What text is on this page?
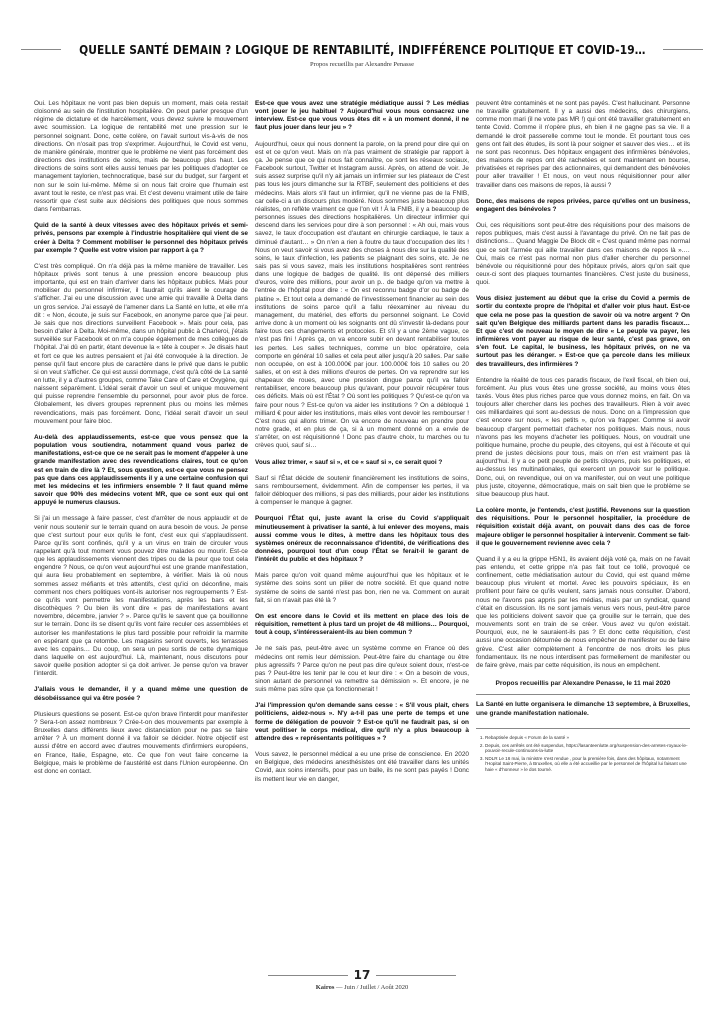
QUELLE SANTÉ DEMAIN ? LOGIQUE DE RENTABILITÉ, INDIFFÉRENCE POLITIQUE ET COVID-19…
Propos recueillis par Alexandre Penasse

Oui. Les hôpitaux ne vont pas bien depuis un moment, mais cela restait cloisonné au sein de l'institution hospitalière. On peut parler presque d'un régime de dictature et de harcèlement, vous devez suivre le mouvement avec soumission. La logique de rentabilité met une pression sur le personnel soignant. Donc, cette colère, on l'avait surtout vis-à-vis de nos directions. On n'osait pas trop s'exprimer. Aujourd'hui, le Covid est venu, de manière générale, montrer que le problème ne vient pas forcément des directions des institutions de soins, mais de beaucoup plus haut. Les directions de soins sont elles aussi tenues par les politiques d'adopter ce management taylorien, technocratique, basé sur du budget, sur l'argent et non sur le soin lui-même. Même si on nous fait croire que l'humain est avant tout le reste, ce n'est pas vrai. Et c'est devenu vraiment utile de faire ressortir que c'est suite aux décisions des politiques que nous sommes dans l'embarras.

Quid de la santé à deux vitesses avec des hôpitaux privés et semi-privés, pensons par exemple à l'industrie hospitalière qui vient de se créer à Delta ? Comment mobiliser le personnel des hôpitaux privés par exemple ? Quelle est votre vision par rapport à ça ?

C'est très compliqué. On n'a déjà pas la même manière de travailler. Les hôpitaux privés sont tenus à une pression encore beaucoup plus importante, qui est en train d'arriver dans les hôpitaux publics. Mais pour mobiliser du personnel infirmier, il faudrait qu'ils aient le courage de s'afficher. J'ai eu une discussion avec une amie qui travaille à Delta dans un gros service. J'ai essayé de l'amener dans La Santé en lutte, et elle m'a dit : « Non, écoute, je suis sur Facebook, en anonyme parce que j'ai peur. Je sais que nos directions surveillent Facebook ». Mais pour cela, pas besoin d'aller à Delta. Moi-même, dans un hôpital public à Charleroi, j'étais surveillée sur Facebook et on m'a coupée également de mes collègues de l'hôpital. J'ai dû en partir, étant devenue la « tête à couper ». Je disais haut et fort ce que les autres pensaient et j'ai été convoquée à la direction. Je pense qu'il faut encore plus de caractère dans le privé que dans le public si on veut s'afficher. Ce qui est aussi dommage, c'est qu'à côté de La santé en lutte, il y a d'autres groupes, comme Take Care of Care et Oxygène, qui naissent séparément. L'idéal serait d'avoir un seul et unique mouvement qui puisse reprendre l'ensemble du personnel, pour avoir plus de force. Globalement, les divers groupes reprennent plus ou moins les mêmes revendications, mais pas forcément. Donc, l'idéal serait d'avoir un seul mouvement pour faire bloc.

Au-delà des applaudissements, est-ce que vous pensez que la population vous soutiendra, notamment quand vous parlez de manifestations, est-ce que ce ne serait pas le moment d'appeler à une grande manifestation avec des revendications claires, tout ce qu'on est en train de dire là ? Et, sous question, est-ce que vous ne pensez pas que dans ces applaudissements il y a une certaine confusion qui met les médecins et les infirmiers ensemble ? Il faut quand même savoir que 90% des médecins votent MR, que ce sont eux qui ont appuyé le numerus clausus.

Si j'ai un message à faire passer, c'est d'arrêter de nous applaudir et de venir nous soutenir sur le terrain quand on aura besoin de vous. Je pense que c'est surtout pour eux qu'ils le font, c'est eux qui s'applaudissent. Parce qu'ils sont confinés, qu'il y a un virus en train de circuler vous rappelant qu'à tout moment vous pouvez être malades ou mourir. Est-ce que les applaudissements viennent des tripes ou de la peur que tout cela engendre ? Nous, ce qu'on veut aujourd'hui est une grande manifestation, qui aura lieu probablement en septembre, à vérifier. Mais là où nous sommes assez méfiants et très attentifs, c'est qu'ici on déconfine, mais comment nos chers politiques vont-ils autoriser nos regroupements ? Est-ce qu'ils vont permettre les manifestations, après les bars et les discothèques ? Ou bien ils vont dire « pas de manifestations avant novembre, décembre, janvier ? ». Parce qu'ils le savent que ça bouillonne sur le terrain. Donc ils se disent qu'ils vont faire reculer ces assemblées et autoriser les manifestations le plus tard possible pour refroidir la marmite en espérant que ça retombe. Les magasins seront ouverts, les terrasses avec les copains… Du coup, on sera un peu sortis de cette dynamique dans laquelle on est aujourd'hui. Là, maintenant, nous discutons pour savoir quelle position adopter si ça doit arriver. Je pense qu'on va braver l'interdit.

J'allais vous le demander, il y a quand même une question de désobéissance qui va être posée ?

Plusieurs questions se posent. Est-ce qu'on brave l'interdit pour manifester ? Sera-t-on assez nombreux ? Crée-t-on des mouvements par exemple à Bruxelles dans différents lieux avec distanciation pour ne pas se faire arrêter ? À un moment donné il va falloir se décider. Notre objectif est aussi d'être en accord avec d'autres mouvements d'infirmiers européens, en France, Italie, Espagne, etc. Ce que l'on veut faire concerne la Belgique, mais le problème de l'austérité est dans l'Union européenne. On est donc en contact.

Est-ce que vous avez une stratégie médiatique aussi ? Les médias vont jouer le jeu habituel ? Aujourd'hui vous nous consacrez une interview. Est-ce que vous vous êtes dit « à un moment donné, il ne faut plus jouer dans leur jeu » ?

Aujourd'hui, ceux qui nous donnent la parole, on la prend pour dire qui on est et ce qu'on veut. Mais on n'a pas vraiment de stratégie par rapport à ça. Je pense que ce qui nous fait connaître, ce sont les réseaux sociaux, Facebook surtout, Twitter et Instagram aussi. Après, on attend de voir. Je suis assez surprise qu'il n'y ait jamais un infirmier sur les plateaux de C'est pas tous les jours dimanche sur la RTBF, seulement des politiciens et des médecins. Mais alors s'il faut un infirmier, qu'il ne vienne pas de la FNIB, car celle-ci a un discours plus modéré. Nous sommes juste beaucoup plus réalistes, on reflète vraiment ce que l'on vit ! À la FNIB, il y a beaucoup de personnes issues des directions hospitalières. Un directeur infirmier qui descend dans les services pour dire à son personnel : « Ah oui, mais vous savez, le taux d'occupation est d'autant en chirurgie cardiaque, le taux a diminué d'autant… » On n'en a rien à foutre du taux d'occupation des lits ! Nous on veut savoir si vous avez des choses à nous dire sur la qualité des soins, le taux d'infection, les patients se plaignant des soins, etc. Je ne sais pas si vous savez, mais les institutions hospitalières sont rentrées dans une logique de badges de qualité. Ils ont dépensé des milliers d'euros, voire des millions, pour avoir un p.. de badge qu'on va mettre à l'entrée de l'hôpital pour dire : « On est reconnu badge d'or ou badge de platine ». Et tout cela a demandé de l'investissement financier au sein des institutions de soins parce qu'il a fallu réexaminer au niveau du management, du matériel, des efforts du personnel soignant. Le Covid arrive donc à un moment où les soignants ont dû s'investir là-dedans pour faire tous ces changements et protocoles. Et s'il y a une 2ème vague, ce n'est pas fini ! Après ça, on va encore subir en devant rentabiliser toutes les pertes. Les salles techniques, comme un bloc opératoire, cela comporte en général 10 salles et cela peut aller jusqu'à 20 salles. Par salle non occupée, on est à 100.000€ par jour. 100.000€ fois 10 salles ou 20 salles, et on est à des millions d'euros de pertes. On va reprendre sur les chapeaux de roues, avec une pression dingue parce qu'il va falloir rentabiliser, encore beaucoup plus qu'avant, pour pouvoir récupérer tous ces déficits. Mais où est l'État ? Où sont les politiques ? Qu'est-ce qu'on va faire pour nous ? Est-ce qu'on va aider les institutions ? On a débloqué 1 milliard € pour aider les institutions, mais elles vont devoir les rembourser ! C'est nous qui allons trimer. On va encore de nouveau en prendre pour notre grade, et en plus de ça, si à un moment donné on a envie de s'arrêter, on est réquisitionné ! Donc pas d'autre choix, tu marches ou tu crèves quoi, sauf si…

Vous allez trimer, « sauf si », et ce « sauf si », ce serait quoi ?

Sauf si l'État décide de soutenir financièrement les institutions de soins, sans remboursement, évidemment. Afin de compenser les pertes, il va falloir débloquer des millions, si pas des milliards, pour aider les institutions à compenser le manque à gagner.

Pourquoi l'État qui, juste avant la crise du Covid s'appliquait minutieusement à privatiser la santé, à lui enlever des moyens, mais aussi comme vous le dites, à mettre dans les hôpitaux tous des systèmes onéreux de reconnaissance d'identité, de vérifications des données, pourquoi tout d'un coup l'État se ferait-il le garant de l'intérêt du public et des hôpitaux ?

Mais parce qu'on voit quand même aujourd'hui que les hôpitaux et le système des soins sont un pilier de notre société. Et que quand notre système de soins de santé n'est pas bon, rien ne va. Comment on aurait fait, si on n'avait pas été là ?

On est encore dans le Covid et ils mettent en place des lois de réquisition, remettent à plus tard un projet de 48 millions… Pourquoi, tout à coup, s'intéresseraient-ils au bien commun ?

Je ne sais pas, peut-être avec un système comme en France où des médecins ont remis leur démission. Peut-être faire du chantage ou être plus agressifs ? Parce qu'on ne peut pas dire qu'eux soient doux, n'est-ce pas ? Peut-être les tenir par le cou et leur dire : « On a besoin de vous, sinon autant de personnel va remettre sa démission ». Et encore, je ne suis même pas sûre que ça fonctionnerait !

J'ai l'impression qu'on demande sans cesse : « S'il vous plait, chers politiciens, aidez-nous ». N'y a-t-il pas une perte de temps et une forme de délégation de pouvoir ? Est-ce qu'il ne faudrait pas, si on veut politiser le corps médical, dire qu'il n'y a plus beaucoup à attendre des « représentants politiques » ?

Vous savez, le personnel médical a eu une prise de conscience. En 2020 en Belgique, des médecins anesthésistes ont été travailler dans les unités Covid, aux soins intensifs, pour pas un balle, ils ne sont pas payés ! Donc ils mettent leur vie en danger,

peuvent être contaminés et ne sont pas payés. C'est hallucinant. Personne ne travaille gratuitement. Il y a aussi des médecins, des chirurgiens, comme mon mari (il ne vote pas MR !) qui ont été travailler gratuitement en tente Covid. Comme il n'opère plus, eh bien il ne gagne pas sa vie. Il a demandé le droit passerelle comme tout le monde. Et pourtant tous ces gens ont fait des études, ils sont là pour soigner et sauver des vies… et ils ne sont pas reconnus. Des hôpitaux engagent des infirmières bénévoles, des maisons de repos ont été rachetées et sont maintenant en bourse, privatisées et reprises par des actionnaires, qui demandent des bénévoles pour aller travailler ! Et nous, on veut nous réquisitionner pour aller travailler dans ces maisons de repos, là aussi ?

Donc, des maisons de repos privées, parce qu'elles ont un business, engagent des bénévoles ?

Oui, ces réquisitions sont peut-être des réquisitions pour des maisons de repos publiques, mais c'est aussi à l'avantage du privé. On ne fait pas de distinctions… Quand Maggie De Block dit « C'est quand même pas normal que ce soit l'armée qui aille travailler dans ces maisons de repos là ».… Oui, mais ce n'est pas normal non plus d'aller chercher du personnel bénévole ou réquisitionné pour des hôpitaux privés, alors qu'on sait que ceux-ci sont des plaques tournantes financières. C'est juste du business, quoi.

Vous disiez justement au début que la crise du Covid a permis de sortir du contexte propre de l'hôpital et d'aller voir plus haut. Est-ce que cela ne pose pas la question de savoir où va notre argent ? On sait qu'en Belgique des milliards partent dans les paradis fiscaux… Et que c'est de nouveau le moyen de dire « Le peuple va payer, les infirmières vont payer au risque de leur santé, c'est pas grave, on s'en fout. Le capital, le business, les hôpitaux privés, on ne va surtout pas les déranger. » Est-ce que ça percole dans les milieux des travailleurs, des infirmières ?

Entendre la réalité de tous ces paradis fiscaux, de l'exil fiscal, eh bien oui, forcément. Au plus vous êtes une grosse société, au moins vous êtes taxés. Vous êtes plus riches parce que vous donnez moins, en fait. On va toujours aller chercher dans les poches des travailleurs. Rien à voir avec ces milliardaires qui sont au-dessus de nous. Donc on a l'impression que c'est encore sur nous, « les petits », qu'on va frapper. Comme si avoir beaucoup d'argent permettait d'acheter nos politiques. Mais nous, nous n'avons pas les moyens d'acheter les politiques. Nous, on voudrait une politique humaine, proche du peuple, des citoyens, qui est à l'écoute et qui prend de justes décisions pour tous, mais on n'en est vraiment pas là aujourd'hui. Il y a ce petit peuple de petits citoyens, puis les politiques, et au-dessus les multinationales, qui exercent un pouvoir sur le politique. Donc, oui, on revendique, oui on va manifester, oui on veut une politique plus juste, citoyenne, démocratique, mais on sait bien que le problème se situe beaucoup plus haut.

La colère monte, je l'entends, c'est justifié. Revenons sur la question des réquisitions. Pour le personnel hospitalier, la procédure de réquisition existait déjà avant, on pouvait dans des cas de force majeure obliger le personnel hospitalier à intervenir. Comment se fait-il que le gouvernement revienne avec cela ?

Quand il y a eu la grippe H5N1, ils avaient déjà voté ça, mais on ne l'avait pas entendu, et cette grippe n'a pas fait tout ce tollé, provoqué ce confinement, cette médiatisation autour du Covid, qui est quand même beaucoup plus virulent et mortel. Avec les pouvoirs spéciaux, ils en profitent pour faire ce qu'ils veulent, sans jamais nous consulter. D'abord, nous ne l'avons pas appris par les médias, mais par un syndicat, quand c'était en discussion. Ils ne sont jamais venus vers nous, peut-être parce que les politiciens doivent savoir que ça grouille sur le terrain, que des mouvements sont en train de se créer. Vous avez vu qu'on existait. Pourquoi, eux, ne le sauraient-ils pas ? Et donc cette réquisition, c'est aussi une occasion détournée de nous empêcher de manifester ou de faire grève. C'est aller complètement à l'encontre de nos droits les plus fondamentaux. Ils ne nous interdisent pas formellement de manifester ou de faire grève, mais par cette réquisition, ils nous en empêchent.

Propos recueillis par Alexandre Penasse, le 11 mai 2020
La Santé en lutte organisera le dimanche 13 septembre, à Bruxelles, une grande manifestation nationale.
1. Rebaptisée depuis « Forum de la santé »
2. Depuis, ces arrêtés ont été suspendus, https://lasanteenlutte.org/suspension-des-arretes-royaux-le-pouvoir-recule-continuons-la-lutte
3. NDLR Le 16 mai, la ministre s'est rendue , pour la première fois, dans des hôpitaux, notamment l'Hopital Saint-Pierre, à Bruxelles, où elle a été accueillie par le personnel de l'hôpital lui faisant une haie « d'honneur » le dos tourné.
17
Kairos — Juin / Juillet / Août 2020
